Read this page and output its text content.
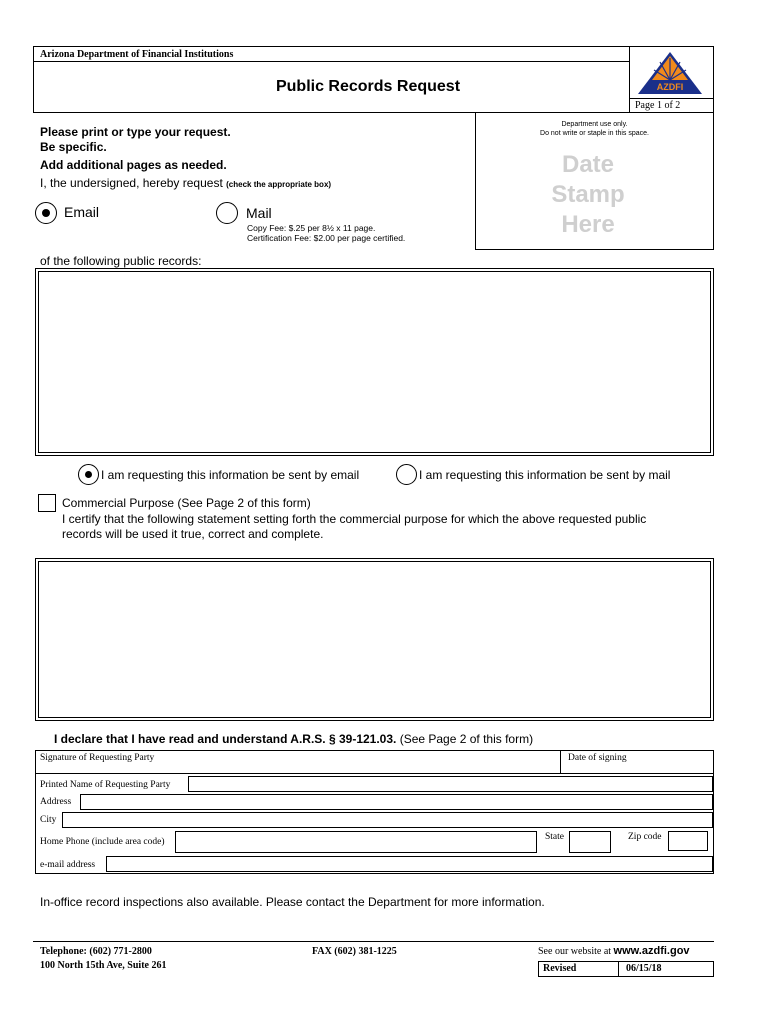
Arizona Department of Financial Institutions
Public Records Request
Page 1 of 2
AZDFI
Department use only.
Do not write or staple in this space.
Date
Stamp
Here
Please print or type your request.
Be specific.
Add additional pages as needed.
I, the undersigned, hereby request (check the appropriate box)
Email	Mail
Copy Fee: $.25 per 8½ x 11 page.
Certification Fee: $2.00 per page certified.
of the following public records:
I am requesting this information be sent by email	I am requesting this information be sent by mail
Commercial Purpose (See Page 2 of this form)
I certify that the following statement setting forth the commercial purpose for which the above requested public
records will be used it true, correct and complete.
I declare that I have read and understand A.R.S. § 39-121.03. (See Page 2 of this form)
Signature of Requesting Party	Date of signing
Printed Name of Requesting Party
Address
City
Home Phone (include area code)	State	Zip code
e-mail address
In-office record inspections also available. Please contact the Department for more information.
Telephone: (602) 771-2800
100 North 15th Ave, Suite 261
FAX (602) 381-1225	See our website at www.azdfi.gov
Revised	06/15/18
